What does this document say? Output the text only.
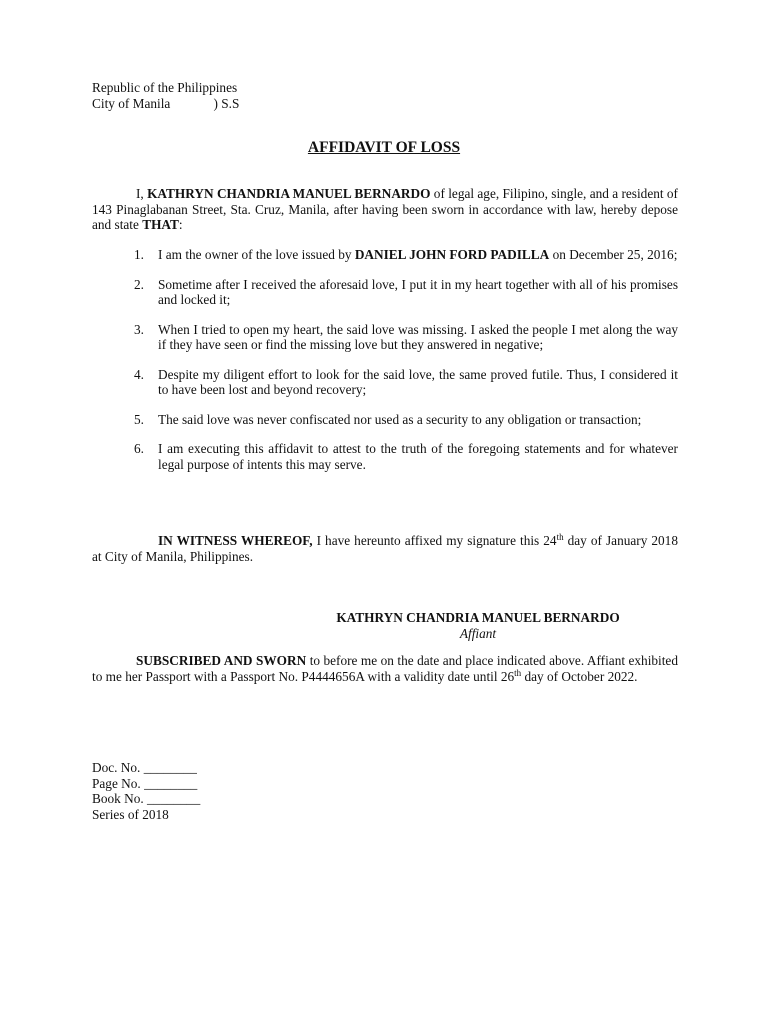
Republic of the Philippines
City of Manila             ) S.S
AFFIDAVIT OF LOSS

I, KATHRYN CHANDRIA MANUEL BERNARDO of legal age, Filipino, single, and a resident of 143 Pinaglabanan Street, Sta. Cruz, Manila, after having been sworn in accordance with law, hereby depose and state THAT:

1. I am the owner of the love issued by DANIEL JOHN FORD PADILLA on December 25, 2016;

2. Sometime after I received the aforesaid love, I put it in my heart together with all of his promises and locked it;

3. When I tried to open my heart, the said love was missing. I asked the people I met along the way if they have seen or find the missing love but they answered in negative;

4. Despite my diligent effort to look for the said love, the same proved futile. Thus, I considered it to have been lost and beyond recovery;

5. The said love was never confiscated nor used as a security to any obligation or transaction;

6. I am executing this affidavit to attest to the truth of the foregoing statements and for whatever legal purpose of intents this may serve.

IN WITNESS WHEREOF, I have hereunto affixed my signature this 24th day of January 2018 at City of Manila, Philippines.

KATHRYN CHANDRIA MANUEL BERNARDO
Affiant

SUBSCRIBED AND SWORN to before me on the date and place indicated above. Affiant exhibited to me her Passport with a Passport No. P4444656A with a validity date until 26th day of October 2022.

Doc. No. ________
Page No. ________
Book No. ________
Series of 2018
